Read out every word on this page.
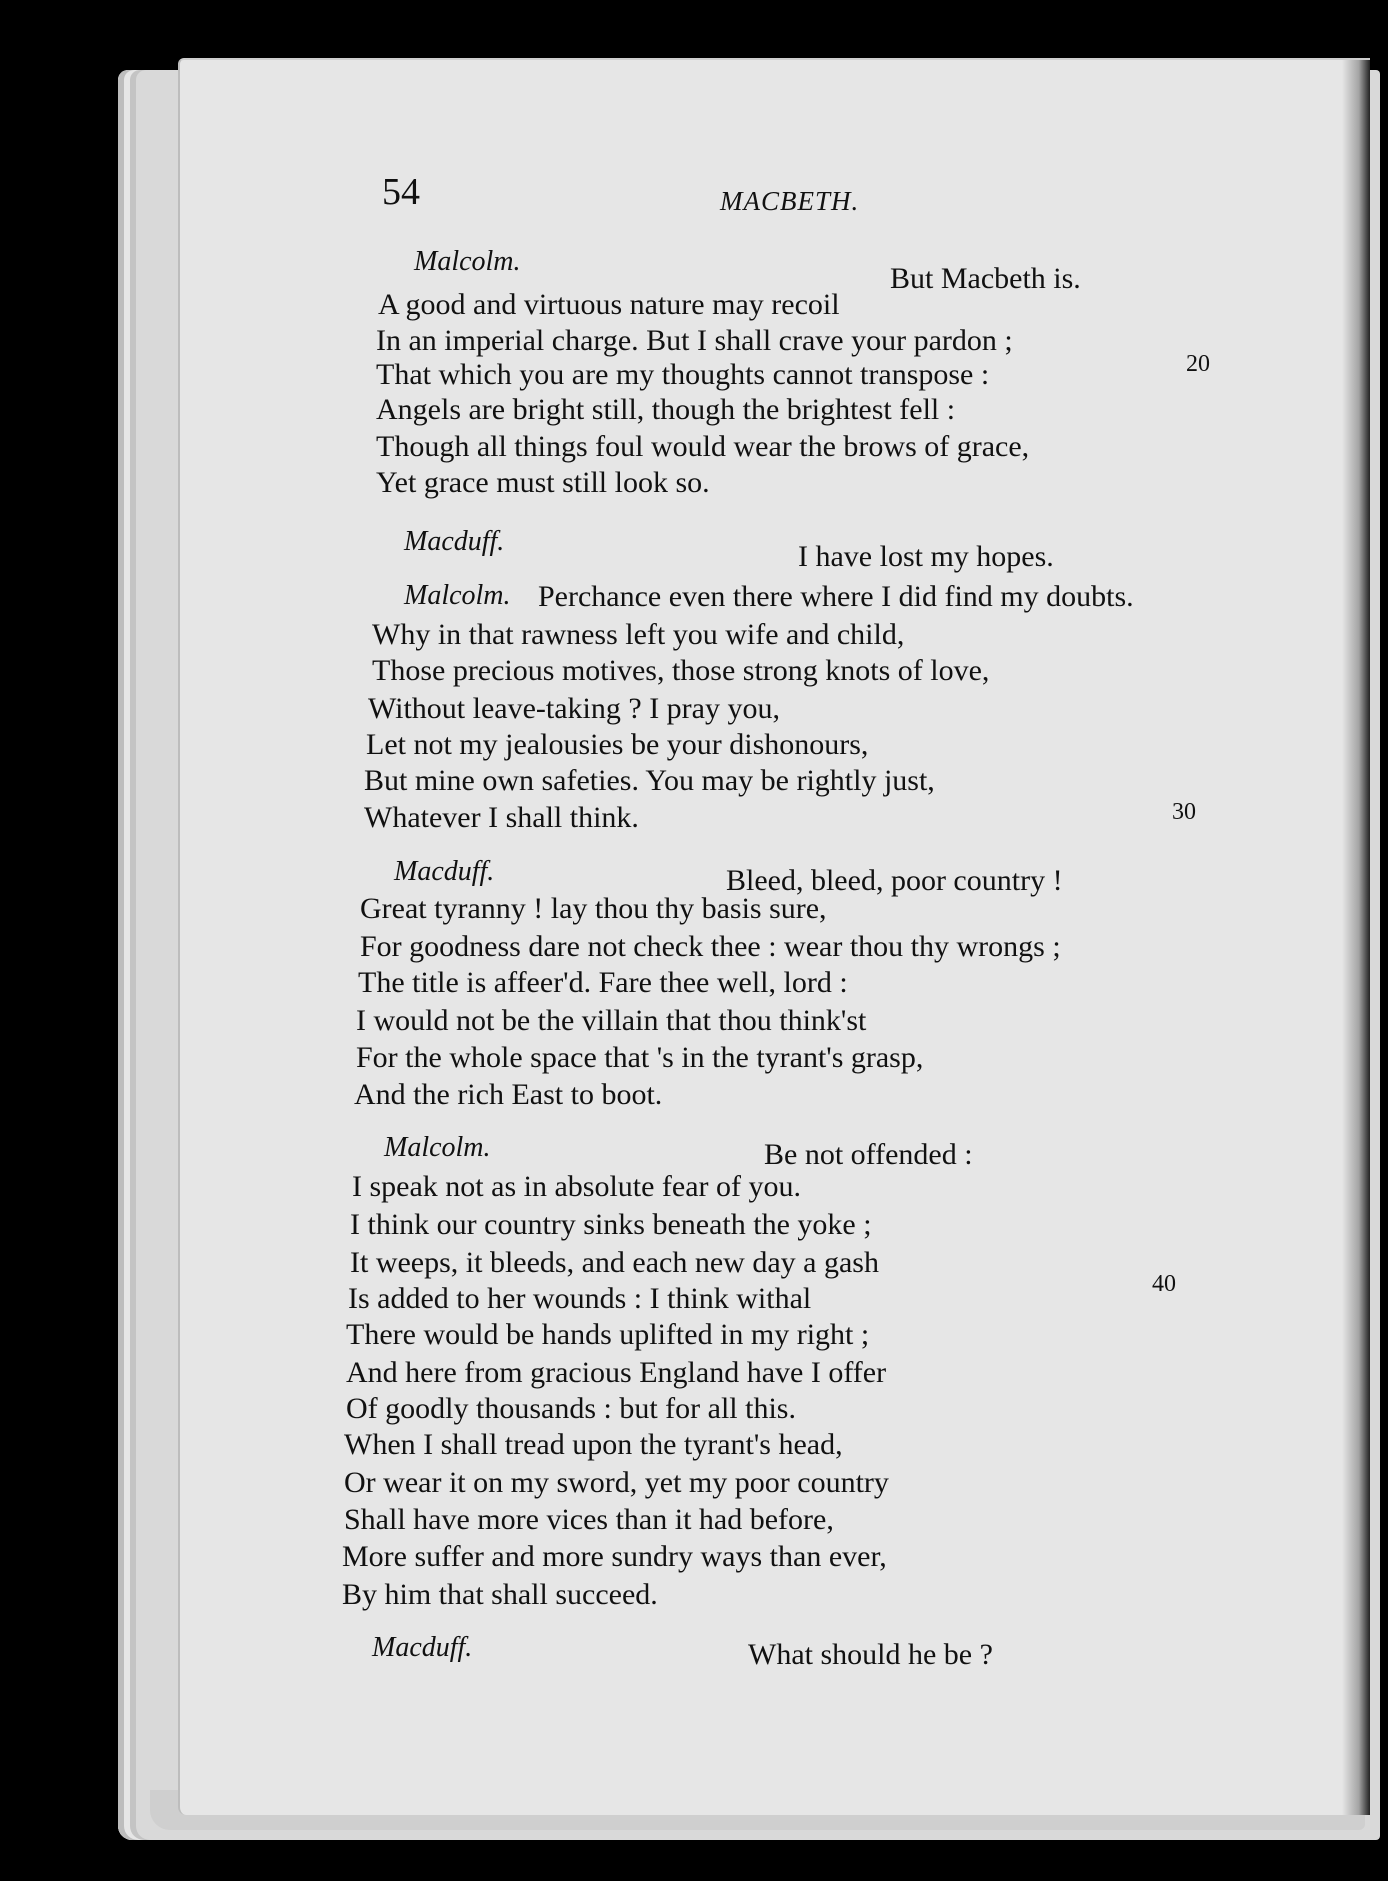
54	MACBETH.
Malcolm.
But Macbeth is.
A good and virtuous nature may recoil
In an imperial charge. But I shall crave your pardon ;
That which you are my thoughts cannot transpose :
Angels are bright still, though the brightest fell :
Though all things foul would wear the brows of grace,
Yet grace must still look so.
20
Macduff.	I have lost my hopes.
Malcolm. Perchance even there where I did find my doubts.
Why in that rawness left you wife and child,
Those precious motives, those strong knots of love,
Without leave-taking ? I pray you,
Let not my jealousies be your dishonours,
But mine own safeties. You may be rightly just,
Whatever I shall think.	30
Macduff.	Bleed, bleed, poor country !
Great tyranny ! lay thou thy basis sure,
For goodness dare not check thee : wear thou thy wrongs ;
The title is affeer'd. Fare thee well, lord :
I would not be the villain that thou think'st
For the whole space that 's in the tyrant's grasp,
And the rich East to boot.
Malcolm.	Be not offended :
I speak not as in absolute fear of you.
I think our country sinks beneath the yoke ;
It weeps, it bleeds, and each new day a gash
Is added to her wounds : I think withal
There would be hands uplifted in my right ;
And here from gracious England have I offer
Of goodly thousands : but for all this.
When I shall tread upon the tyrant's head,
Or wear it on my sword, yet my poor country
Shall have more vices than it had before,
More suffer and more sundry ways than ever,
By him that shall succeed.
40
Macduff.	What should he be ?
